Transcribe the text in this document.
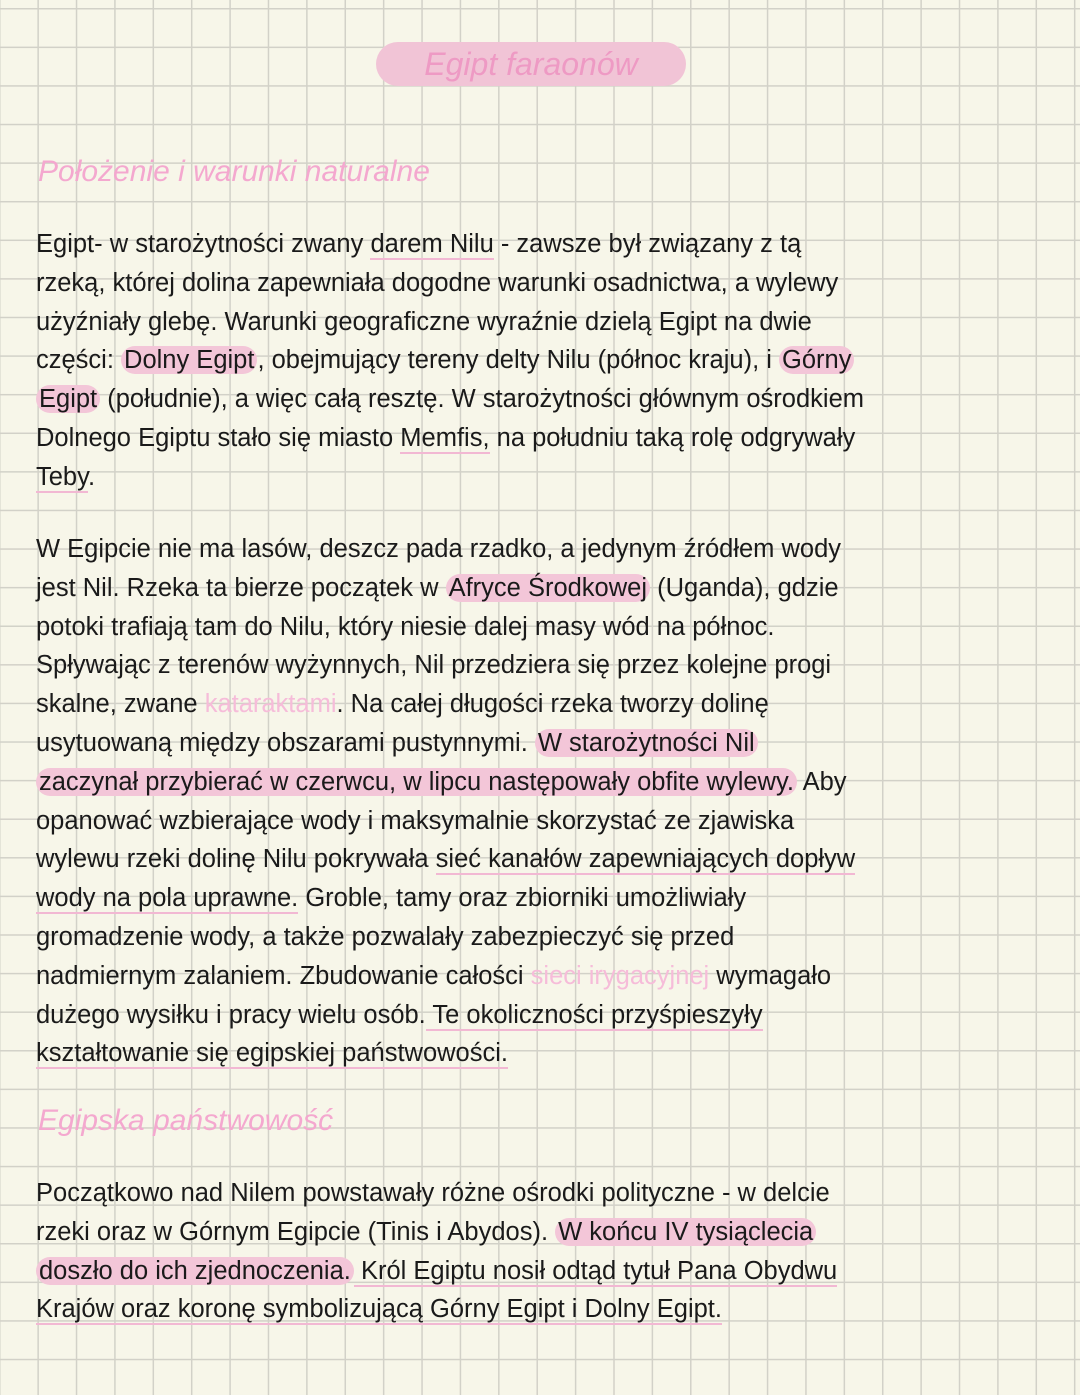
Egipt faraonów
Położenie i warunki naturalne
Egipt- w starożytności zwany darem Nilu - zawsze był związany z tą
rzeką, której dolina zapewniała dogodne warunki osadnictwa, a wylewy
użyźniały glebę. Warunki geograficzne wyraźnie dzielą Egipt na dwie
części: Dolny Egipt , obejmujący tereny delty Nilu (północ kraju), i Górny
Egipt (południe), a więc całą resztę. W starożytności głównym ośrodkiem
Dolnego Egiptu stało się miasto Memfis, na południu taką rolę odgrywały
Teby.
W Egipcie nie ma lasów, deszcz pada rzadko, a jedynym źródłem wody
jest Nil. Rzeka ta bierze początek w Afryce Środkowej (Uganda), gdzie
potoki trafiają tam do Nilu, który niesie dalej masy wód na północ.
Spływając z terenów wyżynnych, Nil przedziera się przez kolejne progi
skalne, zwane kataraktami. Na całej długości rzeka tworzy dolinę
usytuowaną między obszarami pustynnymi. W starożytności Nil
zaczynał przybierać w czerwcu, w lipcu następowały obfite wylewy. Aby
opanować wzbierające wody i maksymalnie skorzystać ze zjawiska
wylewu rzeki dolinę Nilu pokrywała sieć kanałów zapewniających dopływ
wody na pola uprawne. Groble, tamy oraz zbiorniki umożliwiały
gromadzenie wody, a także pozwalały zabezpieczyć się przed
nadmiernym zalaniem. Zbudowanie całości sieci irygacyjnej wymagało
dużego wysiłku i pracy wielu osób. Te okoliczności przyśpieszyły
kształtowanie się egipskiej państwowości.
Egipska państwowość
Początkowo nad Nilem powstawały różne ośrodki polityczne - w delcie
rzeki oraz w Górnym Egipcie (Tinis i Abydos). W końcu IV tysiąclecia
doszło do ich zjednoczenia. Król Egiptu nosił odtąd tytuł Pana Obydwu
Krajów oraz koronę symbolizującą Górny Egipt i Dolny Egipt.
